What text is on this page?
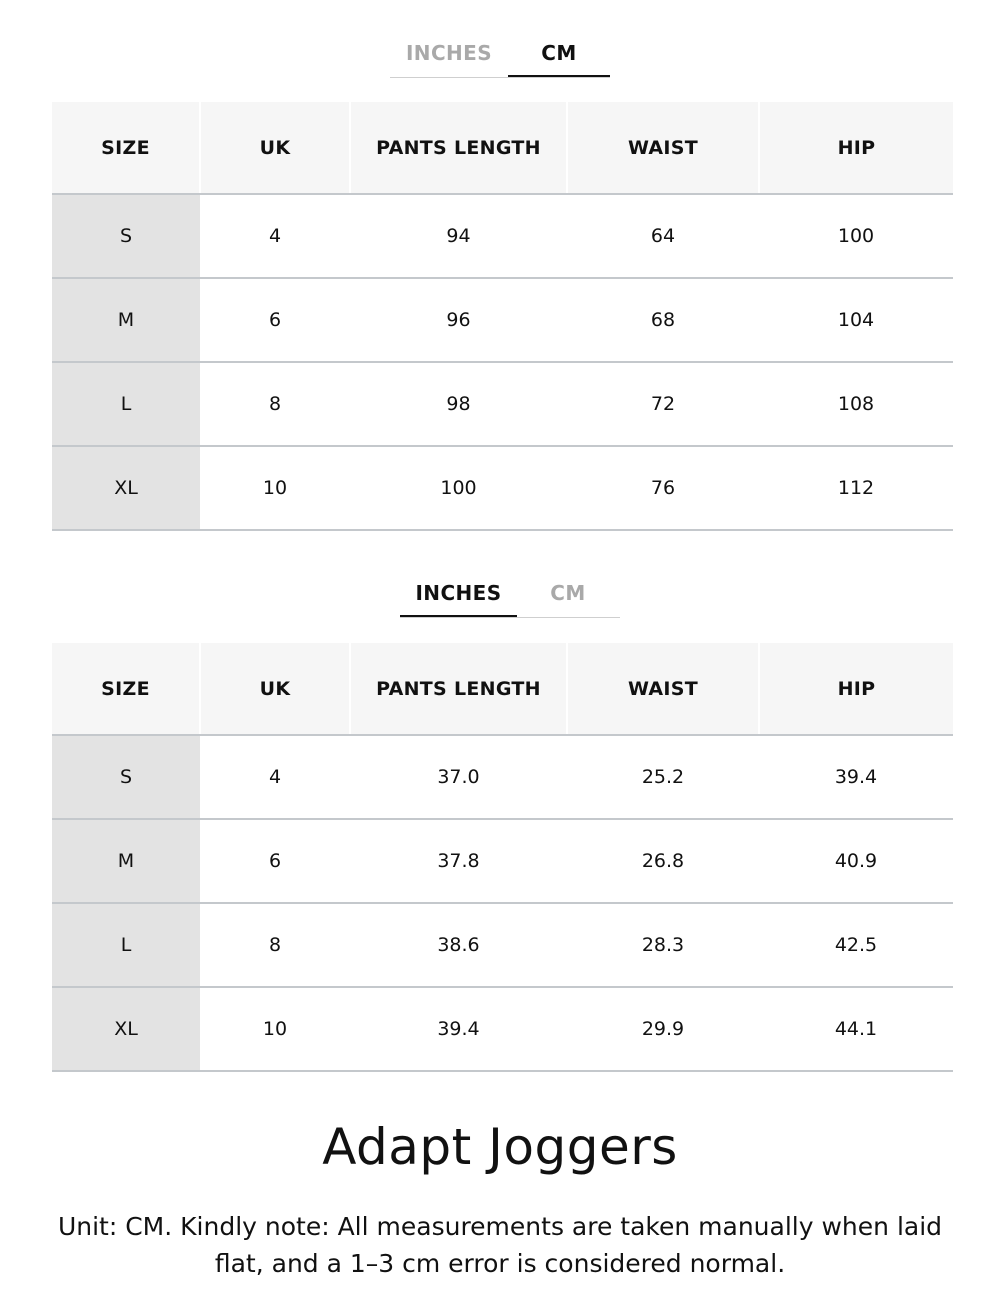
INCHES	CM
SIZE	UK	PANTS LENGTH	WAIST	HIP
S	4	94	64	100
M	6	96	68	104
L	8	98	72	108
XL	10	100	76	112
INCHES	CM
SIZE	UK	PANTS LENGTH	WAIST	HIP
S	4	37.0	25.2	39.4
M	6	37.8	26.8	40.9
L	8	38.6	28.3	42.5
XL	10	39.4	29.9	44.1
Adapt Joggers
Unit: CM. Kindly note: All measurements are taken manually when laid
flat, and a 1–3 cm error is considered normal.
